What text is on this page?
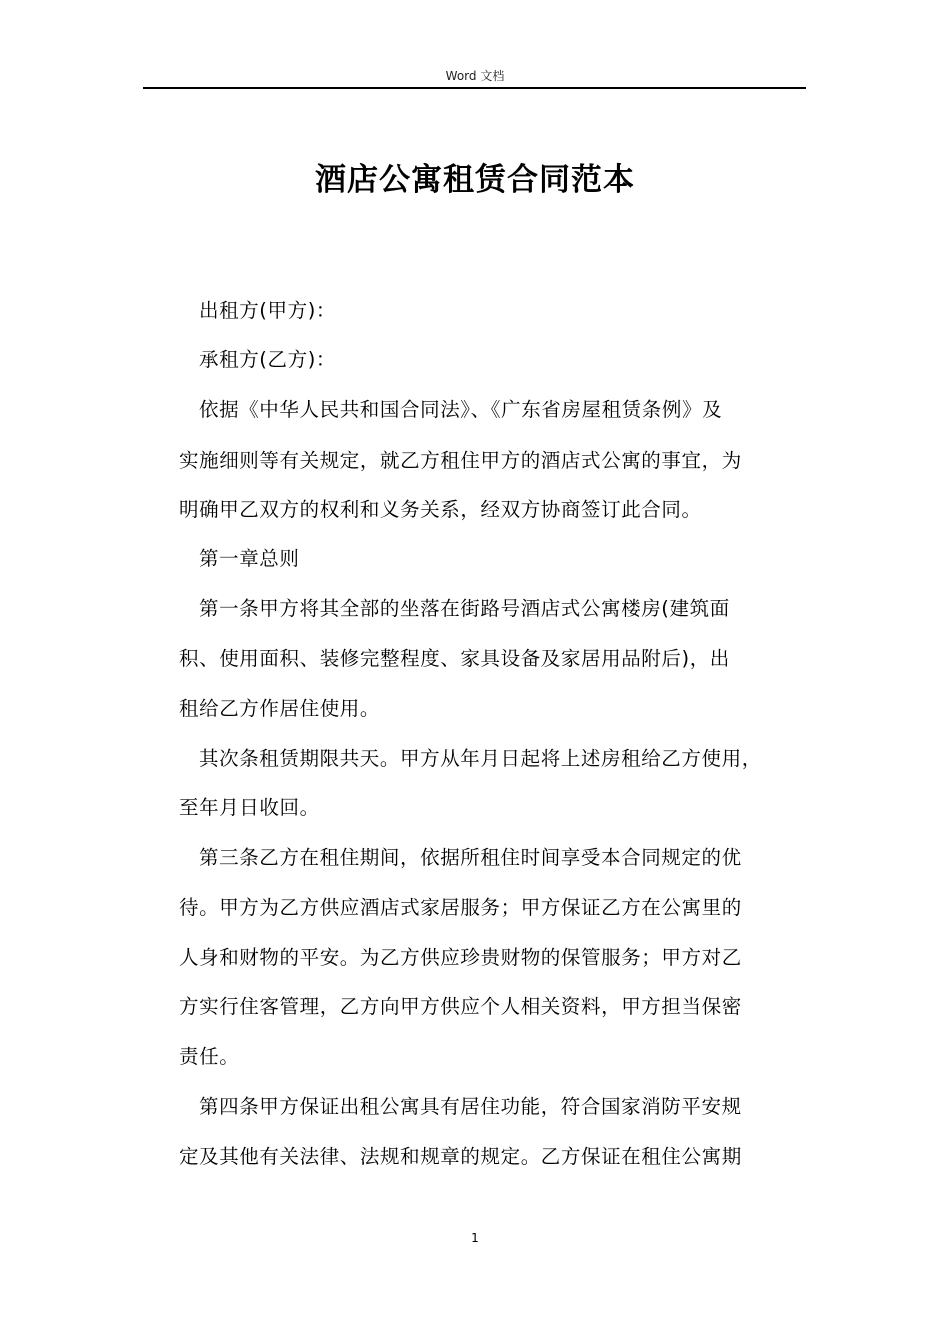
Word 文档
酒店公寓租赁合同范本
出租方(甲方)：
承租方(乙方)：
依据《中华人民共和国合同法》、《广东省房屋租赁条例》及
实施细则等有关规定，就乙方租住甲方的酒店式公寓的事宜，为
明确甲乙双方的权利和义务关系，经双方协商签订此合同。
第一章总则
第一条甲方将其全部的坐落在街路号酒店式公寓楼房(建筑面
积、使用面积、装修完整程度、家具设备及家居用品附后)，出
租给乙方作居住使用。
其次条租赁期限共天。甲方从年月日起将上述房租给乙方使用，
至年月日收回。
第三条乙方在租住期间，依据所租住时间享受本合同规定的优
待。甲方为乙方供应酒店式家居服务；甲方保证乙方在公寓里的
人身和财物的平安。为乙方供应珍贵财物的保管服务；甲方对乙
方实行住客管理，乙方向甲方供应个人相关资料，甲方担当保密
责任。
第四条甲方保证出租公寓具有居住功能，符合国家消防平安规
定及其他有关法律、法规和规章的规定。乙方保证在租住公寓期
1
